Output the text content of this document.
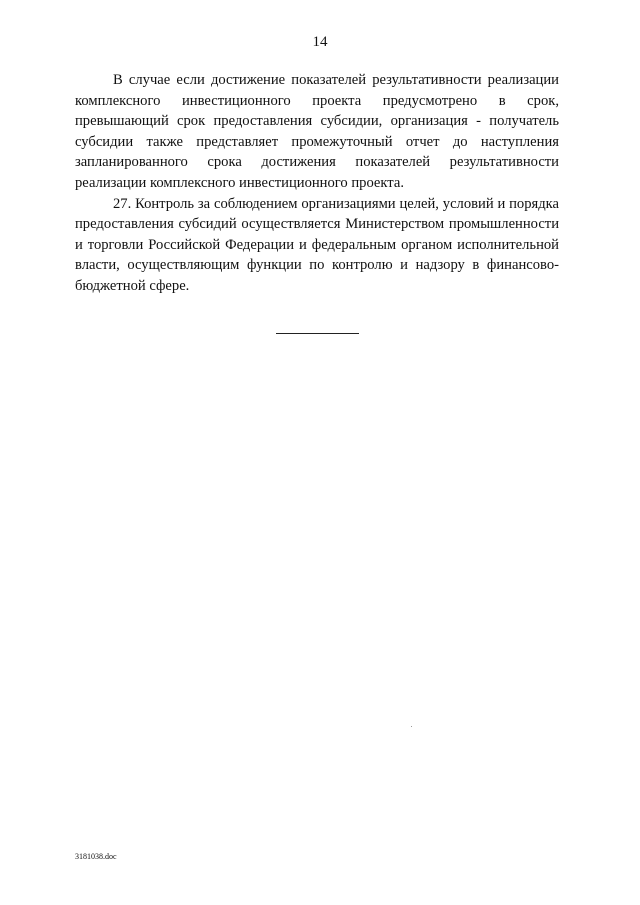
14

В случае если достижение показателей результативности реализации комплексного инвестиционного проекта предусмотрено в срок, превышающий срок предоставления субсидии, организация - получатель субсидии также представляет промежуточный отчет до наступления запланированного срока достижения показателей результативности реализации комплексного инвестиционного проекта.

27. Контроль за соблюдением организациями целей, условий и порядка предоставления субсидий осуществляется Министерством промышленности и торговли Российской Федерации и федеральным органом исполнительной власти, осуществляющим функции по контролю и надзору в финансово-бюджетной сфере.

3181038.doc
